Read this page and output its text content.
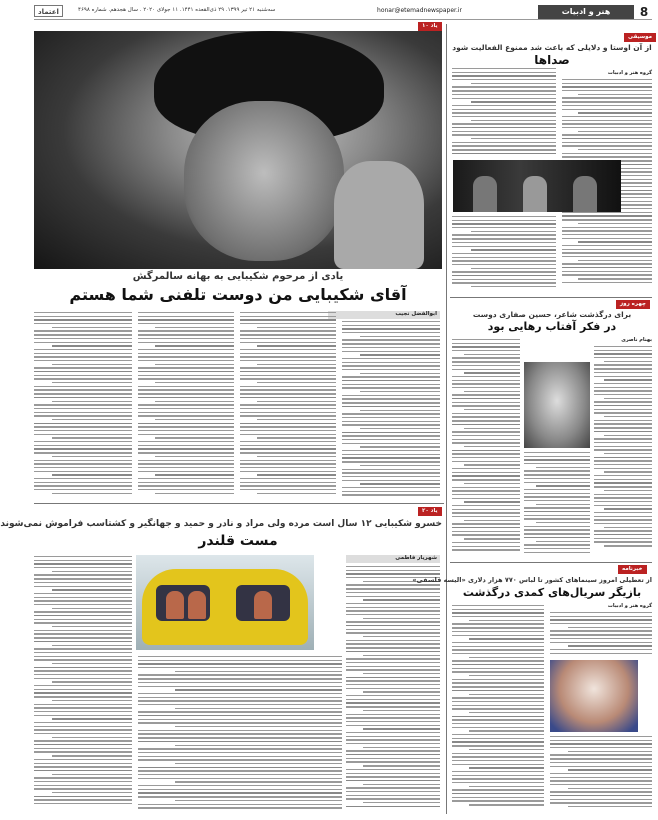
8
هنر و ادبیات
honar@etemadnewspaper.ir
سه‌شنبه ۲۱ تیر ۱۳۹۹. ۲۹ ذی‌القعده ۱۴۴۱. ۱۱ جولای ۲۰۲۰ . سال هجدهم. شماره ۴۶۹۸
اعتماد
یاد ۱۰
یادی از مرحوم شکیبایی به بهانه سالمرگش
آقای شکیبایی من دوست تلفنی شما هستم
ابوالفضل نجیب
یاد ۲۰
خسرو شکیبایی ۱۲ سال است مرده ولی مراد و نادر و حمید و جهانگیر و کشتاسب فراموش نمی‌شوند
مست قلندر
شهریار فاطمی
موسیقی
از آن اوستا و دلایلی که باعث شد ممنوع الفعالیت شود
صداها
گروه هنر و ادبیات
چهره روز
برای درگذشت شاعر، حسین صفاری دوست
در فکر آفتاب رهایی بود
بهنام ناصری
خبرنامه
از تعطیلی امروز سینماهای کشور تا لباس ۷۷۰ هزار دلاری «الیسه فلسفی»
بازیگر سریال‌های کمدی درگذشت
گروه هنر و ادبیات
